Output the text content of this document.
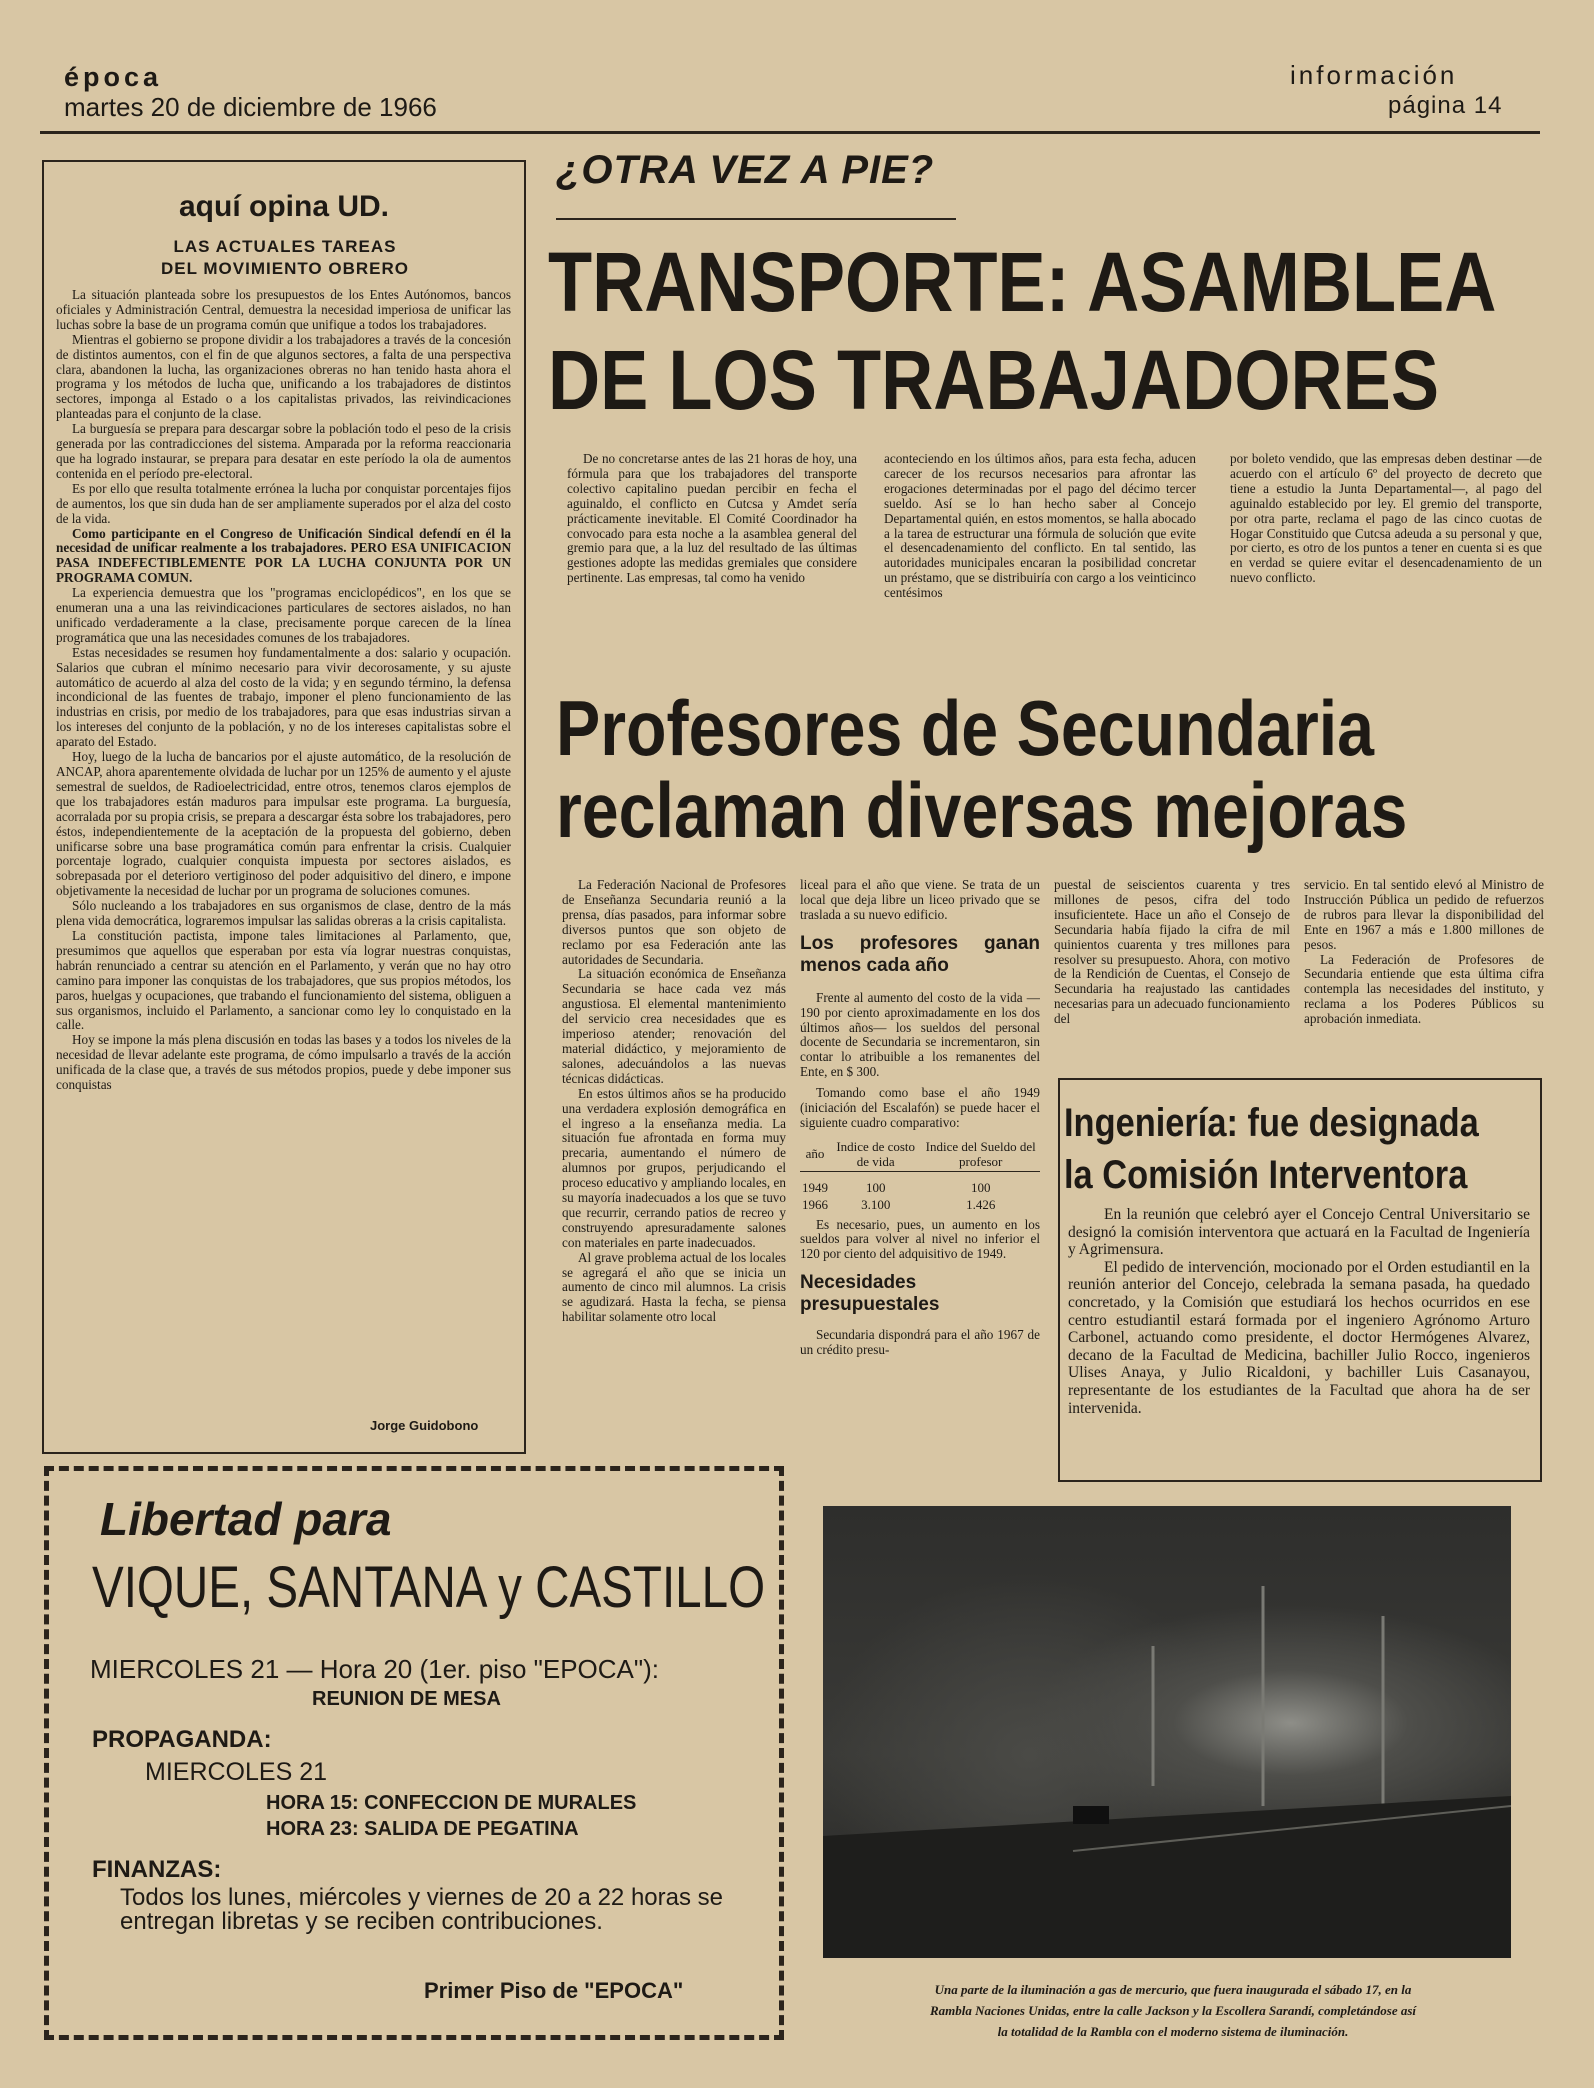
época
martes 20 de diciembre de 1966
información
página 14
aquí opina UD.
LAS ACTUALES TAREAS DEL MOVIMIENTO OBRERO

La situación planteada sobre los presupuestos de los Entes Autónomos, bancos oficiales y Administración Central, demuestra la necesidad imperiosa de unificar las luchas sobre la base de un programa común que unifique a todos los trabajadores.

Mientras el gobierno se propone dividir a los trabajadores a través de la concesión de distintos aumentos, con el fin de que algunos sectores, a falta de una perspectiva clara, abandonen la lucha, las organizaciones obreras no han tenido hasta ahora el programa y los métodos de lucha que, unificando a los trabajadores de distintos sectores, imponga al Estado o a los capitalistas privados, las reivindicaciones planteadas para el conjunto de la clase.

La burguesía se prepara para descargar sobre la población todo el peso de la crisis generada por las contradicciones del sistema. Amparada por la reforma reaccionaria que ha logrado instaurar, se prepara para desatar en este período la ola de aumentos contenida en el período pre-electoral.

Es por ello que resulta totalmente errónea la lucha por conquistar porcentajes fijos de aumentos, los que sin duda han de ser ampliamente superados por el alza del costo de la vida.

Como participante en el Congreso de Unificación Sindical defendí en él la necesidad de unificar realmente a los trabajadores. PERO ESA UNIFICACION PASA INDEFECTIBLEMENTE POR LA LUCHA CONJUNTA POR UN PROGRAMA COMUN.

La experiencia demuestra que los "programas enciclopédicos", en los que se enumeran una a una las reivindicaciones particulares de sectores aislados, no han unificado verdaderamente a la clase, precisamente porque carecen de la línea programática que una las necesidades comunes de los trabajadores.

Estas necesidades se resumen hoy fundamentalmente a dos: salario y ocupación. Salarios que cubran el mínimo necesario para vivir decorosamente, y su ajuste automático de acuerdo al alza del costo de la vida; y en segundo término, la defensa incondicional de las fuentes de trabajo, imponer el pleno funcionamiento de las industrias en crisis, por medio de los trabajadores, para que esas industrias sirvan a los intereses del conjunto de la población, y no de los intereses capitalistas sobre el aparato del Estado.

Hoy, luego de la lucha de bancarios por el ajuste automático, de la resolución de ANCAP, ahora aparentemente olvidada de luchar por un 125% de aumento y el ajuste semestral de sueldos, de Radioelectricidad, entre otros, tenemos claros ejemplos de que los trabajadores están maduros para impulsar este programa. La burguesía, acorralada por su propia crisis, se prepara a descargar ésta sobre los trabajadores, pero éstos, independientemente de la aceptación de la propuesta del gobierno, deben unificarse sobre una base programática común para enfrentar la crisis. Cualquier porcentaje logrado, cualquier conquista impuesta por sectores aislados, es sobrepasada por el deterioro vertiginoso del poder adquisitivo del dinero, e impone objetivamente la necesidad de luchar por un programa de soluciones comunes.

Sólo nucleando a los trabajadores en sus organismos de clase, dentro de la más plena vida democrática, lograremos impulsar las salidas obreras a la crisis capitalista.

La constitución pactista, impone tales limitaciones al Parlamento, que, presumimos que aquellos que esperaban por esta vía lograr nuestras conquistas, habrán renunciado a centrar su atención en el Parlamento, y verán que no hay otro camino para imponer las conquistas de los trabajadores, que sus propios métodos, los paros, huelgas y ocupaciones, que trabando el funcionamiento del sistema, obliguen a sus organismos, incluido el Parlamento, a sancionar como ley lo conquistado en la calle.

Hoy se impone la más plena discusión en todas las bases y a todos los niveles de la necesidad de llevar adelante este programa, de cómo impulsarlo a través de la acción unificada de la clase que, a través de sus métodos propios, puede y debe imponer sus conquistas

Jorge Guidobono
¿OTRA VEZ A PIE?
TRANSPORTE: ASAMBLEA
DE LOS TRABAJADORES
De no concretarse antes de las 21 horas de hoy, una fórmula para que los trabajadores del transporte colectivo capitalino puedan percibir en fecha el aguinaldo, el conflicto en Cutcsa y Amdet sería prácticamente inevitable. El Comité Coordinador ha convocado para esta noche a la asamblea general del gremio para que, a la luz del resultado de las últimas gestiones adopte las medidas gremiales que considere pertinente. Las empresas, tal como ha venido
aconteciendo en los últimos años, para esta fecha, aducen carecer de los recursos necesarios para afrontar las erogaciones determinadas por el pago del décimo tercer sueldo. Así se lo han hecho saber al Concejo Departamental quién, en estos momentos, se halla abocado a la tarea de estructurar una fórmula de solución que evite el desencadenamiento del conflicto. En tal sentido, las autoridades municipales encaran la posibilidad concretar un préstamo, que se distribuiría con cargo a los veinticinco centésimos
por boleto vendido, que las empresas deben destinar —de acuerdo con el artículo 6º del proyecto de decreto que tiene a estudio la Junta Departamental—, al pago del aguinaldo establecido por ley. El gremio del transporte, por otra parte, reclama el pago de las cinco cuotas de Hogar Constituido que Cutcsa adeuda a su personal y que, por cierto, es otro de los puntos a tener en cuenta si es que en verdad se quiere evitar el desencadenamiento de un nuevo conflicto.
Profesores de Secundaria
reclaman diversas mejoras

La Federación Nacional de Profesores de Enseñanza Secundaria reunió a la prensa, días pasados, para informar sobre diversos puntos que son objeto de reclamo por esa Federación ante las autoridades de Secundaria.

La situación económica de Enseñanza Secundaria se hace cada vez más angustiosa. El elemental mantenimiento del servicio crea necesidades que es imperioso atender; renovación del material didáctico, y mejoramiento de salones, adecuándolos a las nuevas técnicas didácticas.

En estos últimos años se ha producido una verdadera explosión demográfica en el ingreso a la enseñanza media. La situación fue afrontada en forma muy precaria, aumentando el número de alumnos por grupos, perjudicando el proceso educativo y ampliando locales, en su mayoría inadecuados a los que se tuvo que recurrir, cerrando patios de recreo y construyendo apresuradamente salones con materiales en parte inadecuados.

Al grave problema actual de los locales se agregará el año que se inicia un aumento de cinco mil alumnos. La crisis se agudizará. Hasta la fecha, se piensa habilitar solamente otro local

liceal para el año que viene. Se trata de un local que deja libre un liceo privado que se traslada a su nuevo edificio.

Los profesores ganan menos cada año

Frente al aumento del costo de la vida —190 por ciento aproximadamente en los dos últimos años— los sueldos del personal docente de Secundaria se incrementaron, sin contar lo atribuible a los remanentes del Ente, en $ 300.

Tomando como base el año 1949 (iniciación del Escalafón) se puede hacer el siguiente cuadro comparativo:

año	Indice de costo de vida	Indice del Sueldo del profesor

1949	100	100
1966	3.100	1.426

Es necesario, pues, un aumento en los sueldos para volver al nivel no inferior el 120 por ciento del adquisitivo de 1949.

Necesidades presupuestales

Secundaria dispondrá para el año 1967 de un crédito presu-

puestal de seiscientos cuarenta y tres millones de pesos, cifra del todo insuficientete. Hace un año el Consejo de Secundaria había fijado la cifra de mil quinientos cuarenta y tres millones para resolver su presupuesto. Ahora, con motivo de la Rendición de Cuentas, el Consejo de Secundaria ha reajustado las cantidades necesarias para un adecuado funcionamiento del

servicio. En tal sentido elevó al Ministro de Instrucción Pública un pedido de refuerzos de rubros para llevar la disponibilidad del Ente en 1967 a más e 1.800 millones de pesos.

La Federación de Profesores de Secundaria entiende que esta última cifra contempla las necesidades del instituto, y reclama a los Poderes Públicos su aprobación inmediata.

Ingeniería: fue designada
la Comisión Interventora

En la reunión que celebró ayer el Concejo Central Universitario se designó la comisión interventora que actuará en la Facultad de Ingeniería y Agrimensura.

El pedido de intervención, mocionado por el Orden estudiantil en la reunión anterior del Concejo, celebrada la semana pasada, ha quedado concretado, y la Comisión que estudiará los hechos ocurridos en ese centro estudiantil estará formada por el ingeniero Agrónomo Arturo Carbonel, actuando como presidente, el doctor Hermógenes Alvarez, decano de la Facultad de Medicina, bachiller Julio Rocco, ingenieros Ulises Anaya, y Julio Ricaldoni, y bachiller Luis Casanayou, representante de los estudiantes de la Facultad que ahora ha de ser intervenida.

Libertad para
VIQUE, SANTANA y CASTILLO
MIERCOLES 21 — Hora 20 (1er. piso "EPOCA"):
REUNION DE MESA
PROPAGANDA:
MIERCOLES 21
HORA 15: CONFECCION DE MURALES
HORA 23: SALIDA DE PEGATINA
FINANZAS:
Todos los lunes, miércoles y viernes de 20 a 22 horas se entregan libretas y se reciben contribuciones.
Primer Piso de "EPOCA"	Una parte de la iluminación a gas de mercurio, que fuera inaugurada el sábado 17, en la
Rambla Naciones Unidas, entre la calle Jackson y la Escollera Sarandí, completándose así
la totalidad de la Rambla con el moderno sistema de iluminación.
